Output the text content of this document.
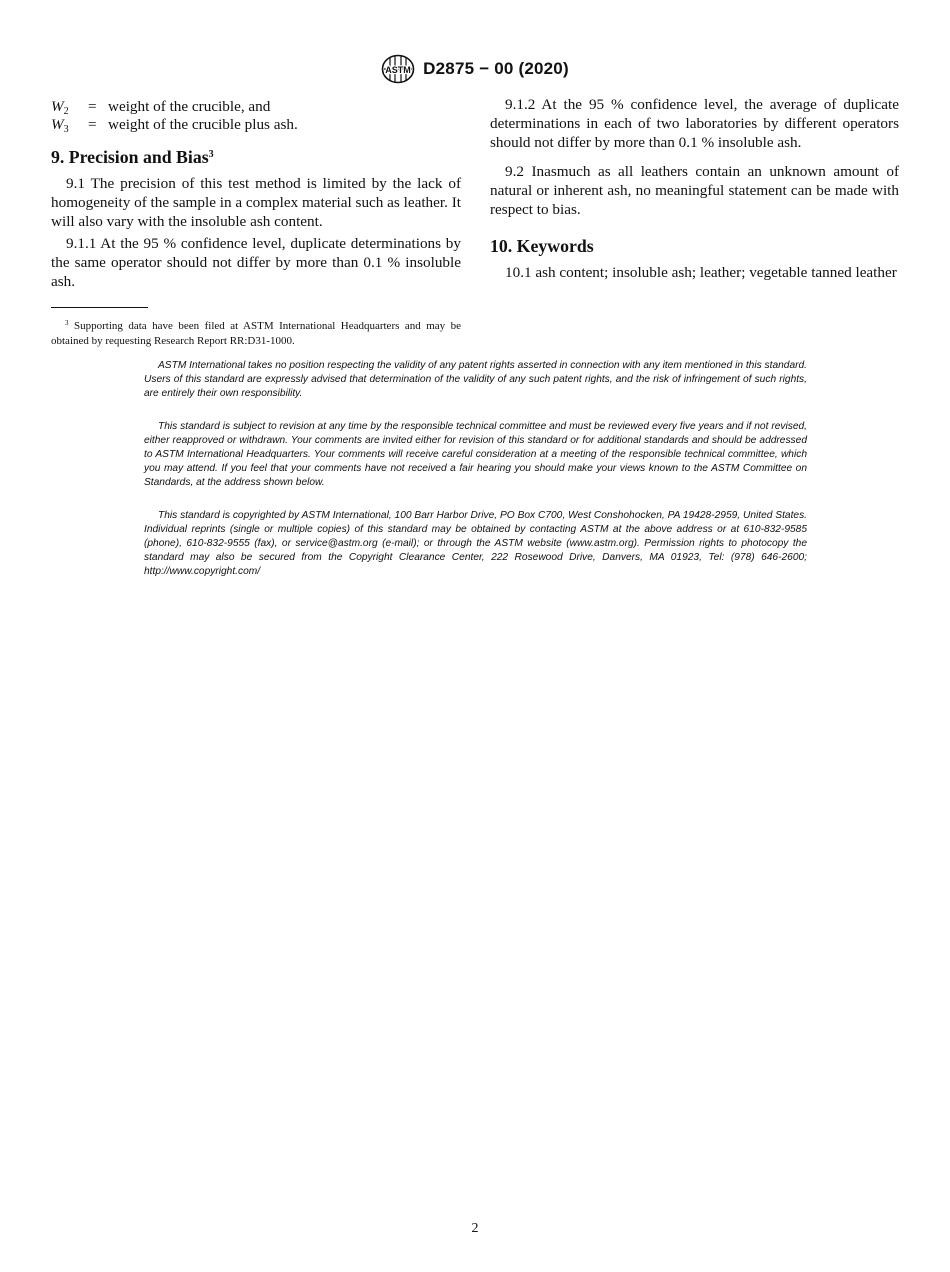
ASTM D2875 − 00 (2020)
$W_2$	= weight of the crucible, and
$W_3$	= weight of the crucible plus ash.
9. Precision and Bias$^3$

9.1 The precision of this test method is limited by the lack of homogeneity of the sample in a complex material such as leather. It will also vary with the insoluble ash content.

9.1.1 At the 95 % confidence level, duplicate determinations by the same operator should not differ by more than 0.1 % insoluble ash.

$^3$ Supporting data have been filed at ASTM International Headquarters and may be obtained by requesting Research Report RR:D31-1000.

9.1.2 At the 95 % confidence level, the average of duplicate determinations in each of two laboratories by different operators should not differ by more than 0.1 % insoluble ash.

9.2 Inasmuch as all leathers contain an unknown amount of natural or inherent ash, no meaningful statement can be made with respect to bias.

10. Keywords

10.1 ash content; insoluble ash; leather; vegetable tanned leather

ASTM International takes no position respecting the validity of any patent rights asserted in connection with any item mentioned in this standard. Users of this standard are expressly advised that determination of the validity of any such patent rights, and the risk of infringement of such rights, are entirely their own responsibility.

This standard is subject to revision at any time by the responsible technical committee and must be reviewed every five years and if not revised, either reapproved or withdrawn. Your comments are invited either for revision of this standard or for additional standards and should be addressed to ASTM International Headquarters. Your comments will receive careful consideration at a meeting of the responsible technical committee, which you may attend. If you feel that your comments have not received a fair hearing you should make your views known to the ASTM Committee on Standards, at the address shown below.

This standard is copyrighted by ASTM International, 100 Barr Harbor Drive, PO Box C700, West Conshohocken, PA 19428-2959, United States. Individual reprints (single or multiple copies) of this standard may be obtained by contacting ASTM at the above address or at 610-832-9585 (phone), 610-832-9555 (fax), or service@astm.org (e-mail); or through the ASTM website (www.astm.org). Permission rights to photocopy the standard may also be secured from the Copyright Clearance Center, 222 Rosewood Drive, Danvers, MA 01923, Tel: (978) 646-2600; http://www.copyright.com/

2
